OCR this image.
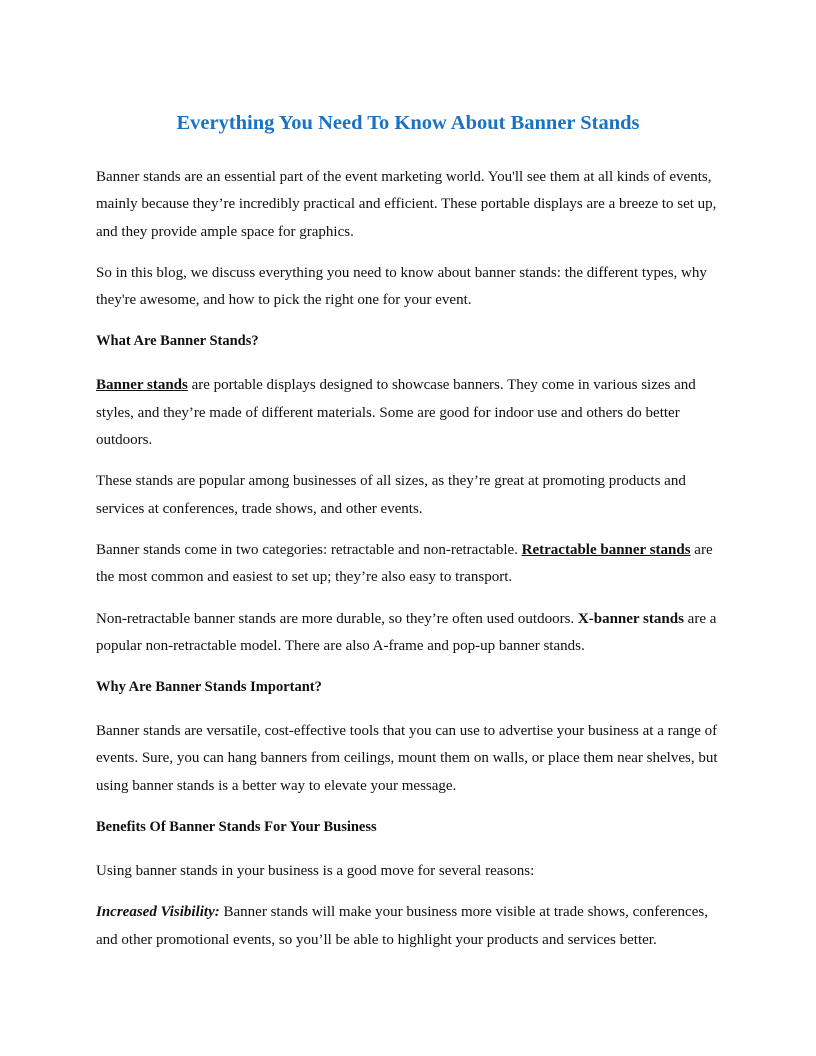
Everything You Need To Know About Banner Stands

Banner stands are an essential part of the event marketing world. You'll see them at all kinds of events, mainly because they’re incredibly practical and efficient. These portable displays are a breeze to set up, and they provide ample space for graphics.

So in this blog, we discuss everything you need to know about banner stands: the different types, why they're awesome, and how to pick the right one for your event.

What Are Banner Stands?

Banner stands are portable displays designed to showcase banners. They come in various sizes and styles, and they’re made of different materials. Some are good for indoor use and others do better outdoors.

These stands are popular among businesses of all sizes, as they’re great at promoting products and services at conferences, trade shows, and other events.

Banner stands come in two categories: retractable and non-retractable. Retractable banner stands are the most common and easiest to set up; they’re also easy to transport.

Non-retractable banner stands are more durable, so they’re often used outdoors. X-banner stands are a popular non-retractable model. There are also A-frame and pop-up banner stands.

Why Are Banner Stands Important?

Banner stands are versatile, cost-effective tools that you can use to advertise your business at a range of events. Sure, you can hang banners from ceilings, mount them on walls, or place them near shelves, but using banner stands is a better way to elevate your message.

Benefits Of Banner Stands For Your Business

Using banner stands in your business is a good move for several reasons:

Increased Visibility: Banner stands will make your business more visible at trade shows, conferences, and other promotional events, so you’ll be able to highlight your products and services better.
